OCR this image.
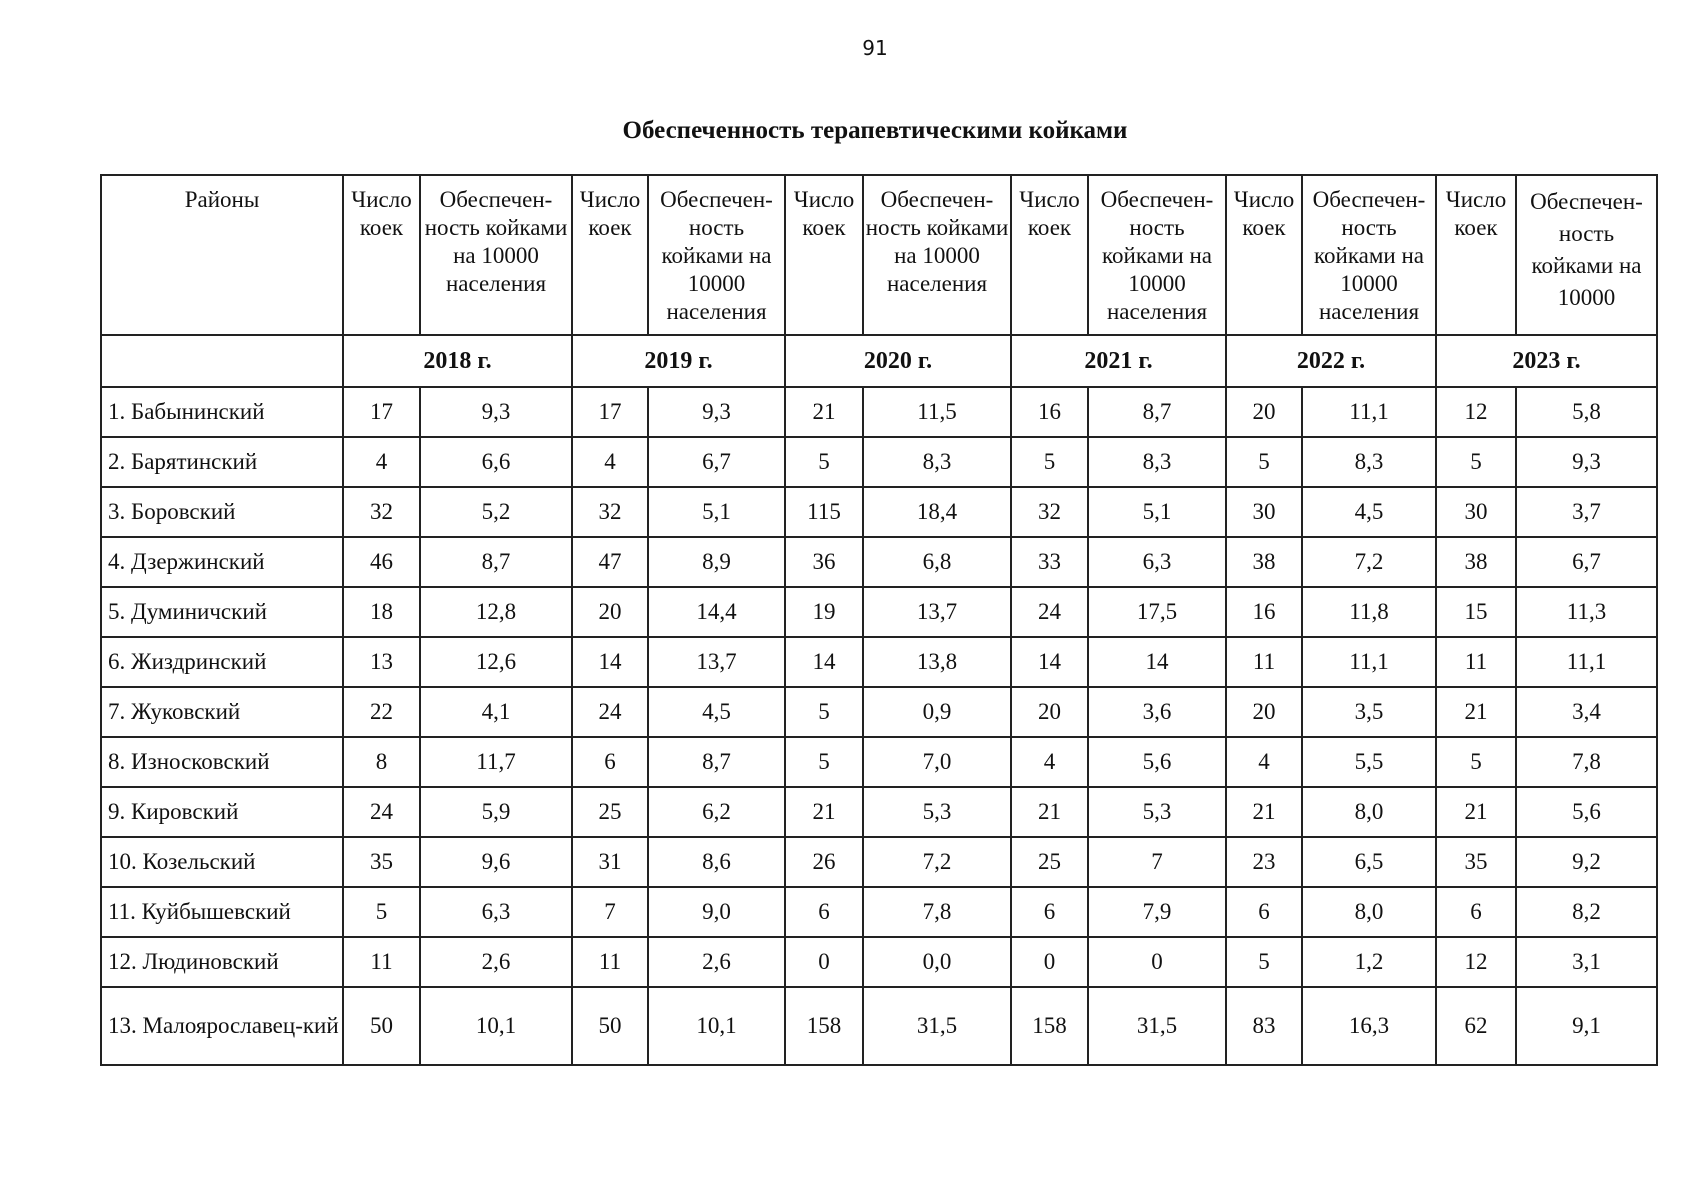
91
Обеспеченность терапевтическими койками
Районы	Число коек	Обеспечен-ность койками на 10000 населения	Число коек	Обеспечен-ность койками на 10000 населения	Число коек	Обеспечен-ность койками на 10000 населения	Число коек	Обеспечен-ность койками на 10000 населения	Число коек	Обеспечен-ность койками на 10000 населения	Число коек	Обеспечен-ность койками на 10000
	2018 г.		2019 г.		2020 г.		2021 г.		2022 г.		2023 г.	
1. Бабынинский	17	9,3	17	9,3	21	11,5	16	8,7	20	11,1	12	5,8
2. Барятинский	4	6,6	4	6,7	5	8,3	5	8,3	5	8,3	5	9,3
3. Боровский	32	5,2	32	5,1	115	18,4	32	5,1	30	4,5	30	3,7
4. Дзержинский	46	8,7	47	8,9	36	6,8	33	6,3	38	7,2	38	6,7
5. Думиничский	18	12,8	20	14,4	19	13,7	24	17,5	16	11,8	15	11,3
6. Жиздринский	13	12,6	14	13,7	14	13,8	14	14	11	11,1	11	11,1
7. Жуковский	22	4,1	24	4,5	5	0,9	20	3,6	20	3,5	21	3,4
8. Износковский	8	11,7	6	8,7	5	7,0	4	5,6	4	5,5	5	7,8
9. Кировский	24	5,9	25	6,2	21	5,3	21	5,3	21	8,0	21	5,6
10. Козельский	35	9,6	31	8,6	26	7,2	25	7	23	6,5	35	9,2
11. Куйбышевский	5	6,3	7	9,0	6	7,8	6	7,9	6	8,0	6	8,2
12. Людиновский	11	2,6	11	2,6	0	0,0	0	0	5	1,2	12	3,1
13. Малоярославец-кий	50	10,1	50	10,1	158	31,5	158	31,5	83	16,3	62	9,1
